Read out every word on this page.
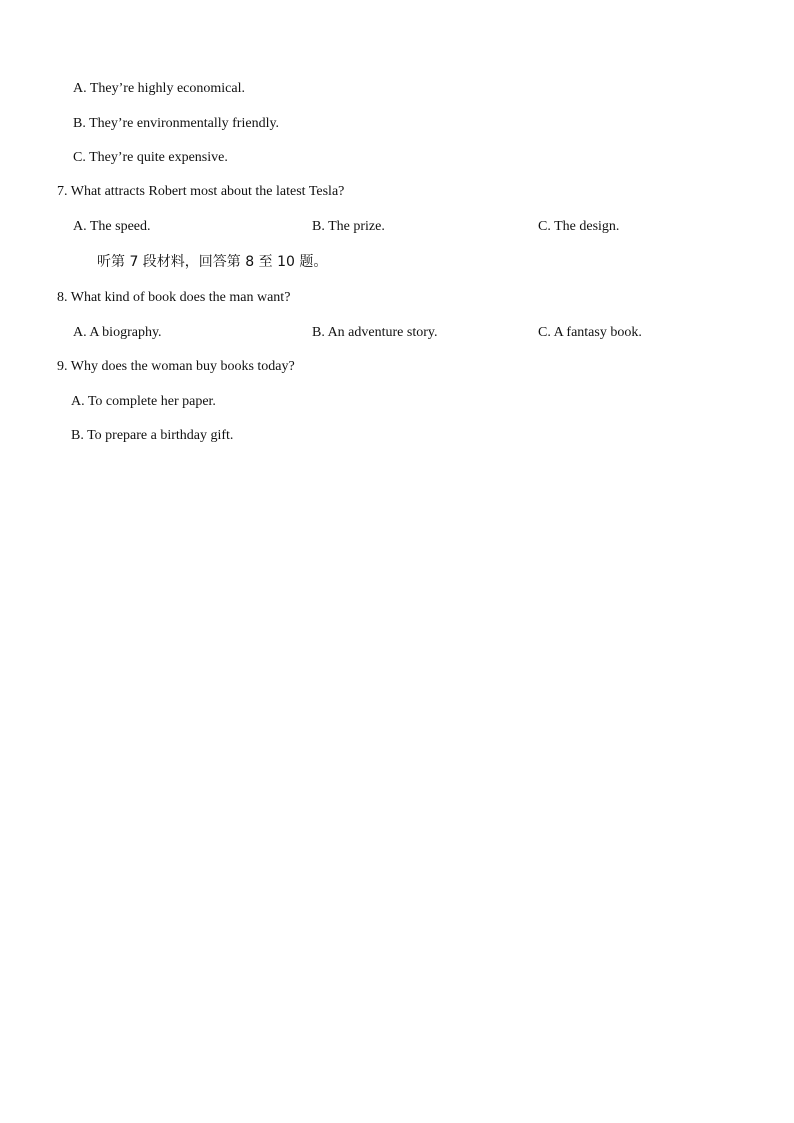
A. They’re highly economical.
B. They’re environmentally friendly.
C. They’re quite expensive.
7. What attracts Robert most about the latest Tesla?
A. The speed.	B. The prize.	C. The design.
听第 7 段材料，回答第 8 至 10 题。
8. What kind of book does the man want?
A. A biography.	B. An adventure story.	C. A fantasy book.
9. Why does the woman buy books today?
A. To complete her paper.
B. To prepare a birthday gift.
